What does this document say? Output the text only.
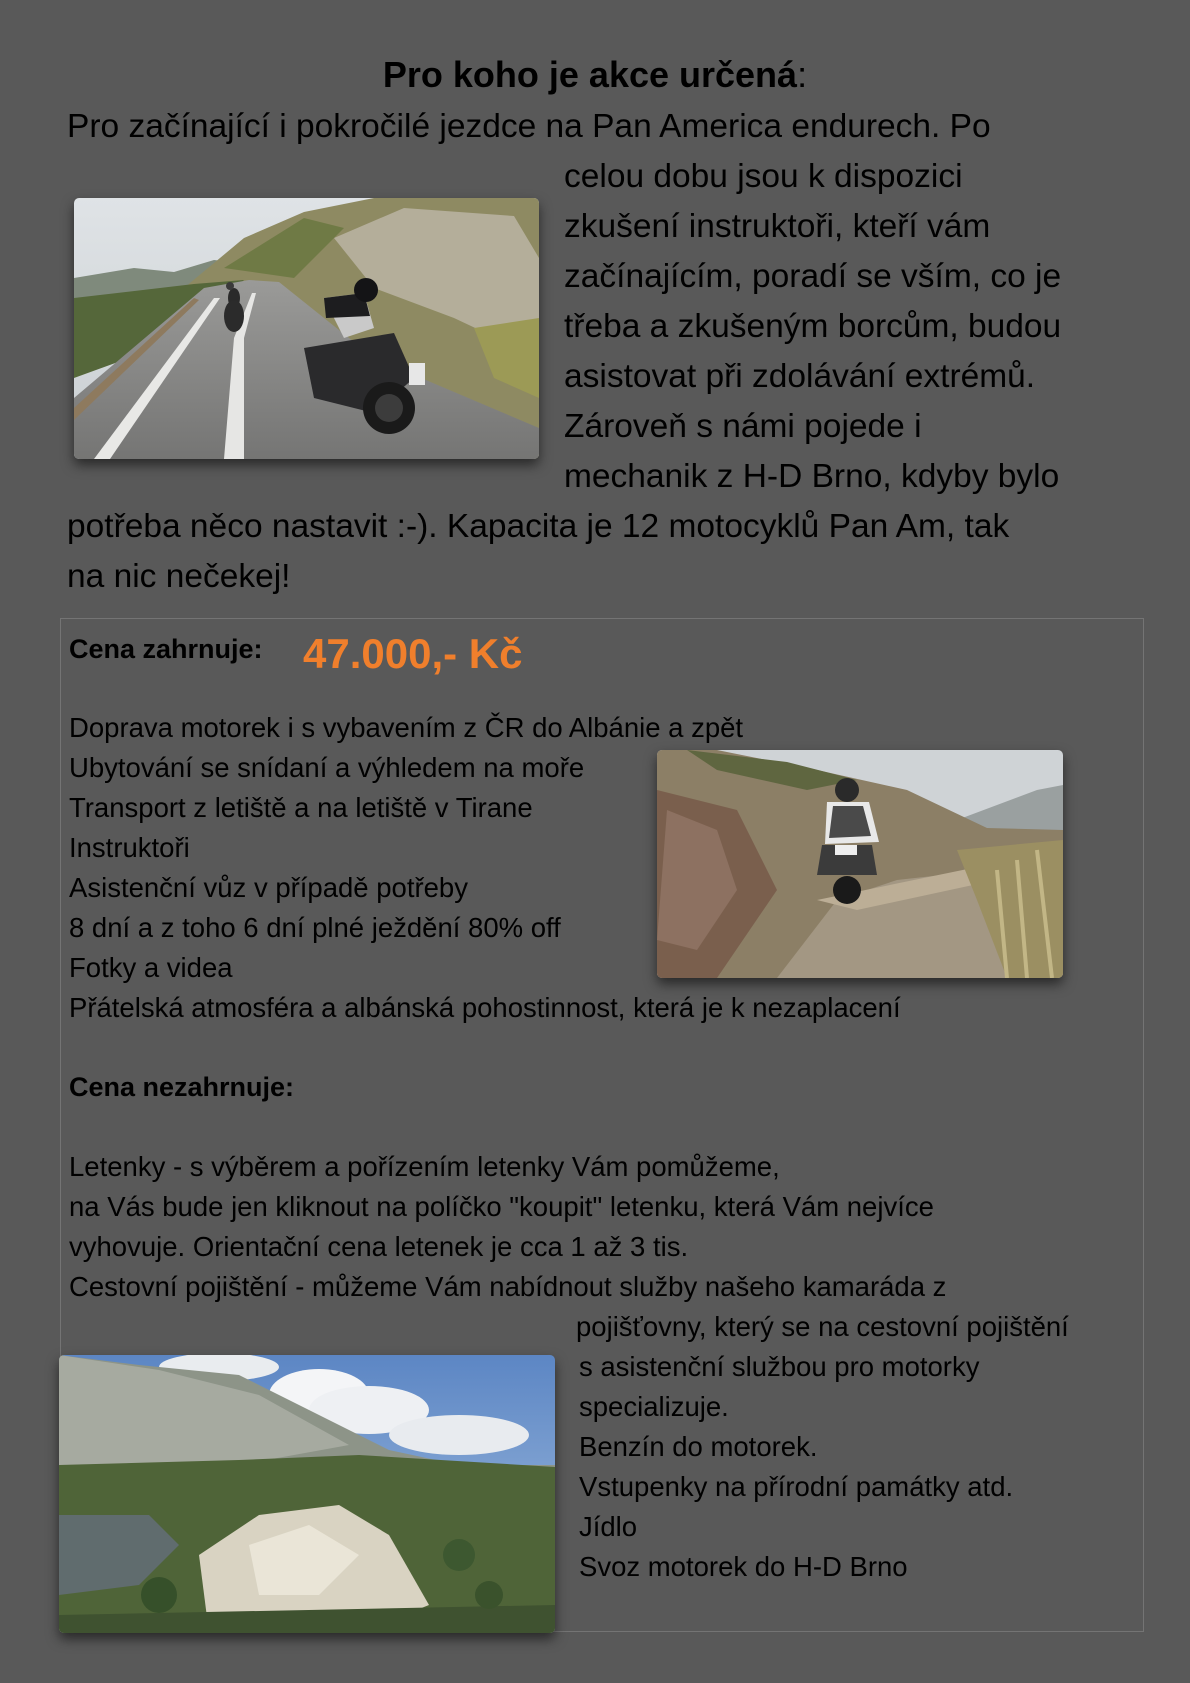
Pro koho je akce určená:
Pro začínající i pokročilé jezdce na Pan America endurech. Po
celou dobu jsou k dispozici
zkušení instruktoři, kteří vám
začínajícím, poradí se vším, co je
třeba a zkušeným borcům, budou
asistovat při zdolávání extrémů.
Zároveň s námi pojede i
mechanik z H-D Brno, kdyby bylo
potřeba něco nastavit :-). Kapacita je 12 motocyklů Pan Am, tak
na nic nečekej!
Cena zahrnuje: 47.000,- Kč
Doprava motorek i s vybavením z ČR do Albánie a zpět
Ubytování se snídaní a výhledem na moře
Transport z letiště a na letiště v Tirane
Instruktoři
Asistenční vůz v případě potřeby
8 dní a z toho 6 dní plné ježdění 80% off
Fotky a videa
Přátelská atmosféra a albánská pohostinnost, která je k nezaplacení
Cena nezahrnuje:
Letenky - s výběrem a pořízením letenky Vám pomůžeme,
na Vás bude jen kliknout na políčko "koupit" letenku, která Vám nejvíce
vyhovuje. Orientační cena letenek je cca 1 až 3 tis.
Cestovní pojištění - můžeme Vám nabídnout služby našeho kamaráda z
pojišťovny, který se na cestovní pojištění
s asistenční službou pro motorky
specializuje.
Benzín do motorek.
Vstupenky na přírodní památky atd.
Jídlo
Svoz motorek do H-D Brno
